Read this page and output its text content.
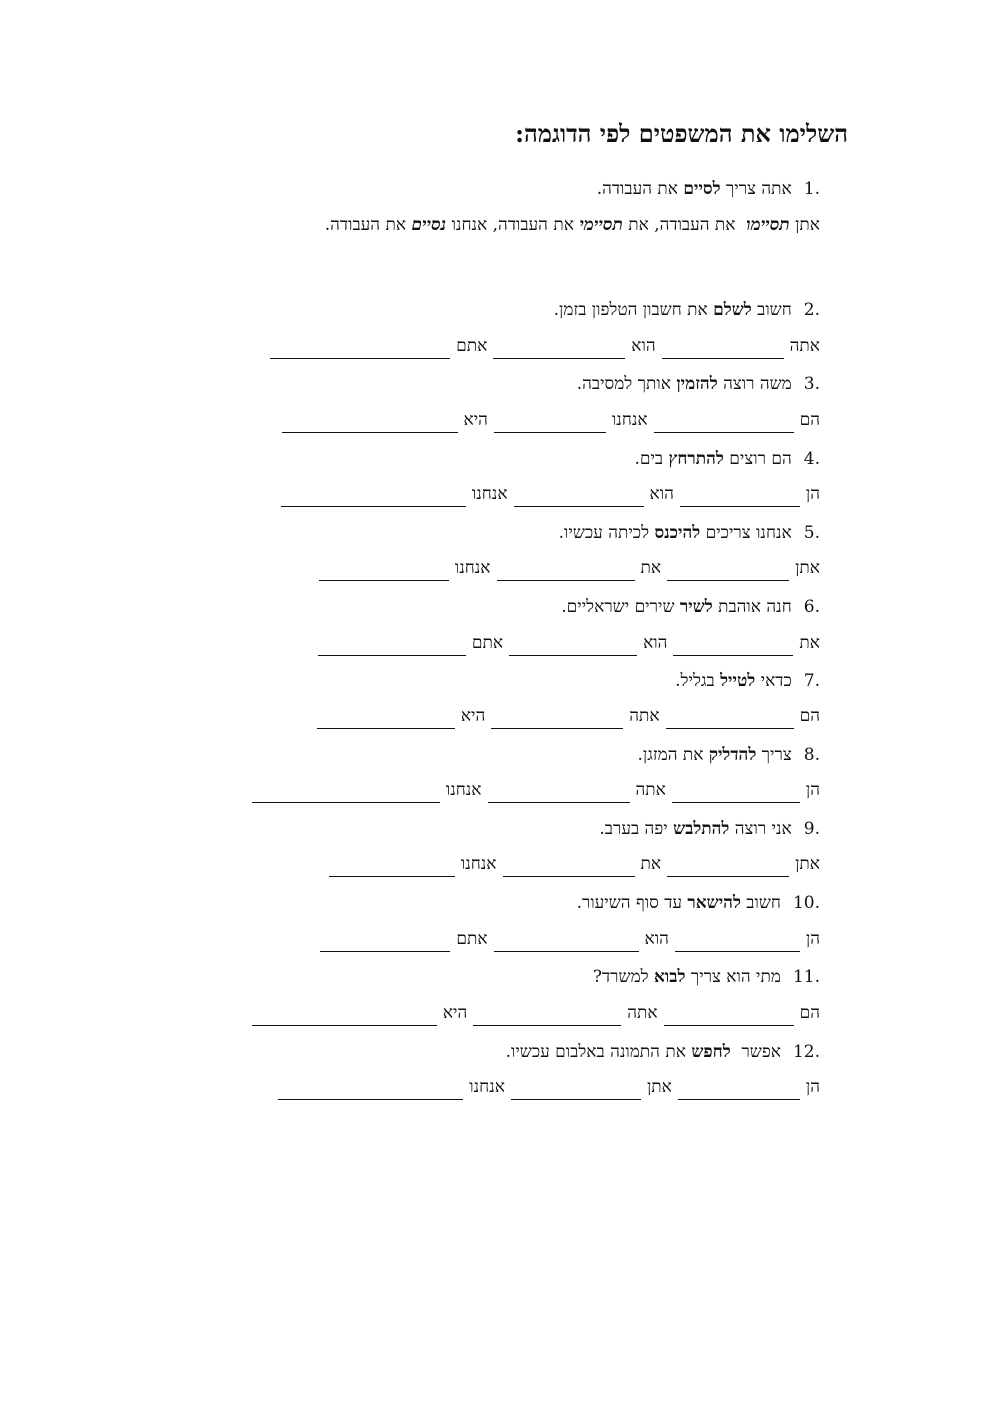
השלימו את המשפטים לפי הדוגמה:
1.אתה צריך לסיים את העבודה.
אתן תסיימו  את העבודה, את תסיימי את העבודה, אנחנו נסיים את העבודה.
2.חשוב לשלם את חשבון הטלפון בזמן.
אתה
הוא
אתם
3.משה רוצה להזמין אותך למסיבה.
הם
אנחנו
היא
4.הם רוצים להתרחץ בים.
הן
הוא
אנחנו
5.אנחנו צריכים להיכנס לכיתה עכשיו.
אתן
את
אנחנו
6.חנה אוהבת לשיר שירים ישראליים.
את
הוא
אתם
7.כדאי לטייל בגליל.
הם
אתה
היא
8.צריך להדליק את המזגן.
הן
אתה
אנחנו
9.אני רוצה להתלבש יפה בערב.
אתן
את
אנחנו
10.חשוב להישאר עד סוף השיעור.
הן
הוא
אתם
11.מתי הוא צריך לבוא למשרד?
הם
אתה
היא
12.אפשר  לחפש את התמונה באלבום עכשיו.
הן
אתן
אנחנו
